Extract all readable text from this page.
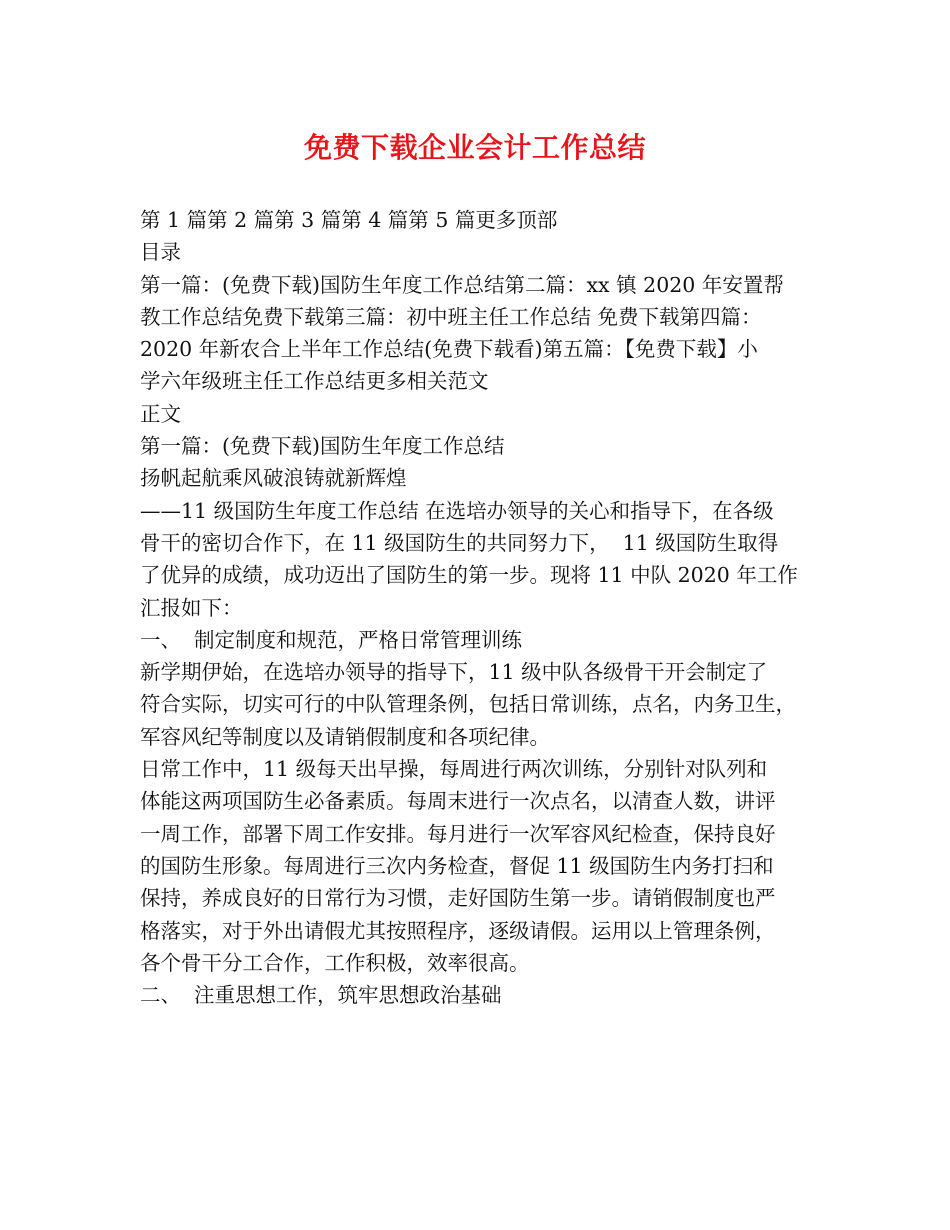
免费下载企业会计工作总结
第 1 篇第 2 篇第 3 篇第 4 篇第 5 篇更多顶部
目录
第一篇：(免费下载)国防生年度工作总结第二篇：xx 镇 2020 年安置帮
教工作总结免费下载第三篇：初中班主任工作总结 免费下载第四篇：
2020 年新农合上半年工作总结(免费下载看)第五篇：【免费下载】小
学六年级班主任工作总结更多相关范文
正文
第一篇：(免费下载)国防生年度工作总结
扬帆起航乘风破浪铸就新辉煌
——11 级国防生年度工作总结 在选培办领导的关心和指导下，在各级
骨干的密切合作下，在 11 级国防生的共同努力下，  11 级国防生取得
了优异的成绩，成功迈出了国防生的第一步。现将 11 中队 2020 年工作
汇报如下：
一、  制定制度和规范，严格日常管理训练
新学期伊始，在选培办领导的指导下，11 级中队各级骨干开会制定了
符合实际，切实可行的中队管理条例，包括日常训练，点名，内务卫生，
军容风纪等制度以及请销假制度和各项纪律。
日常工作中，11 级每天出早操，每周进行两次训练，分别针对队列和
体能这两项国防生必备素质。每周末进行一次点名，以清查人数，讲评
一周工作，部署下周工作安排。每月进行一次军容风纪检查，保持良好
的国防生形象。每周进行三次内务检查，督促 11 级国防生内务打扫和
保持，养成良好的日常行为习惯，走好国防生第一步。请销假制度也严
格落实，对于外出请假尤其按照程序，逐级请假。运用以上管理条例，
各个骨干分工合作，工作积极，效率很高。
二、  注重思想工作，筑牢思想政治基础
